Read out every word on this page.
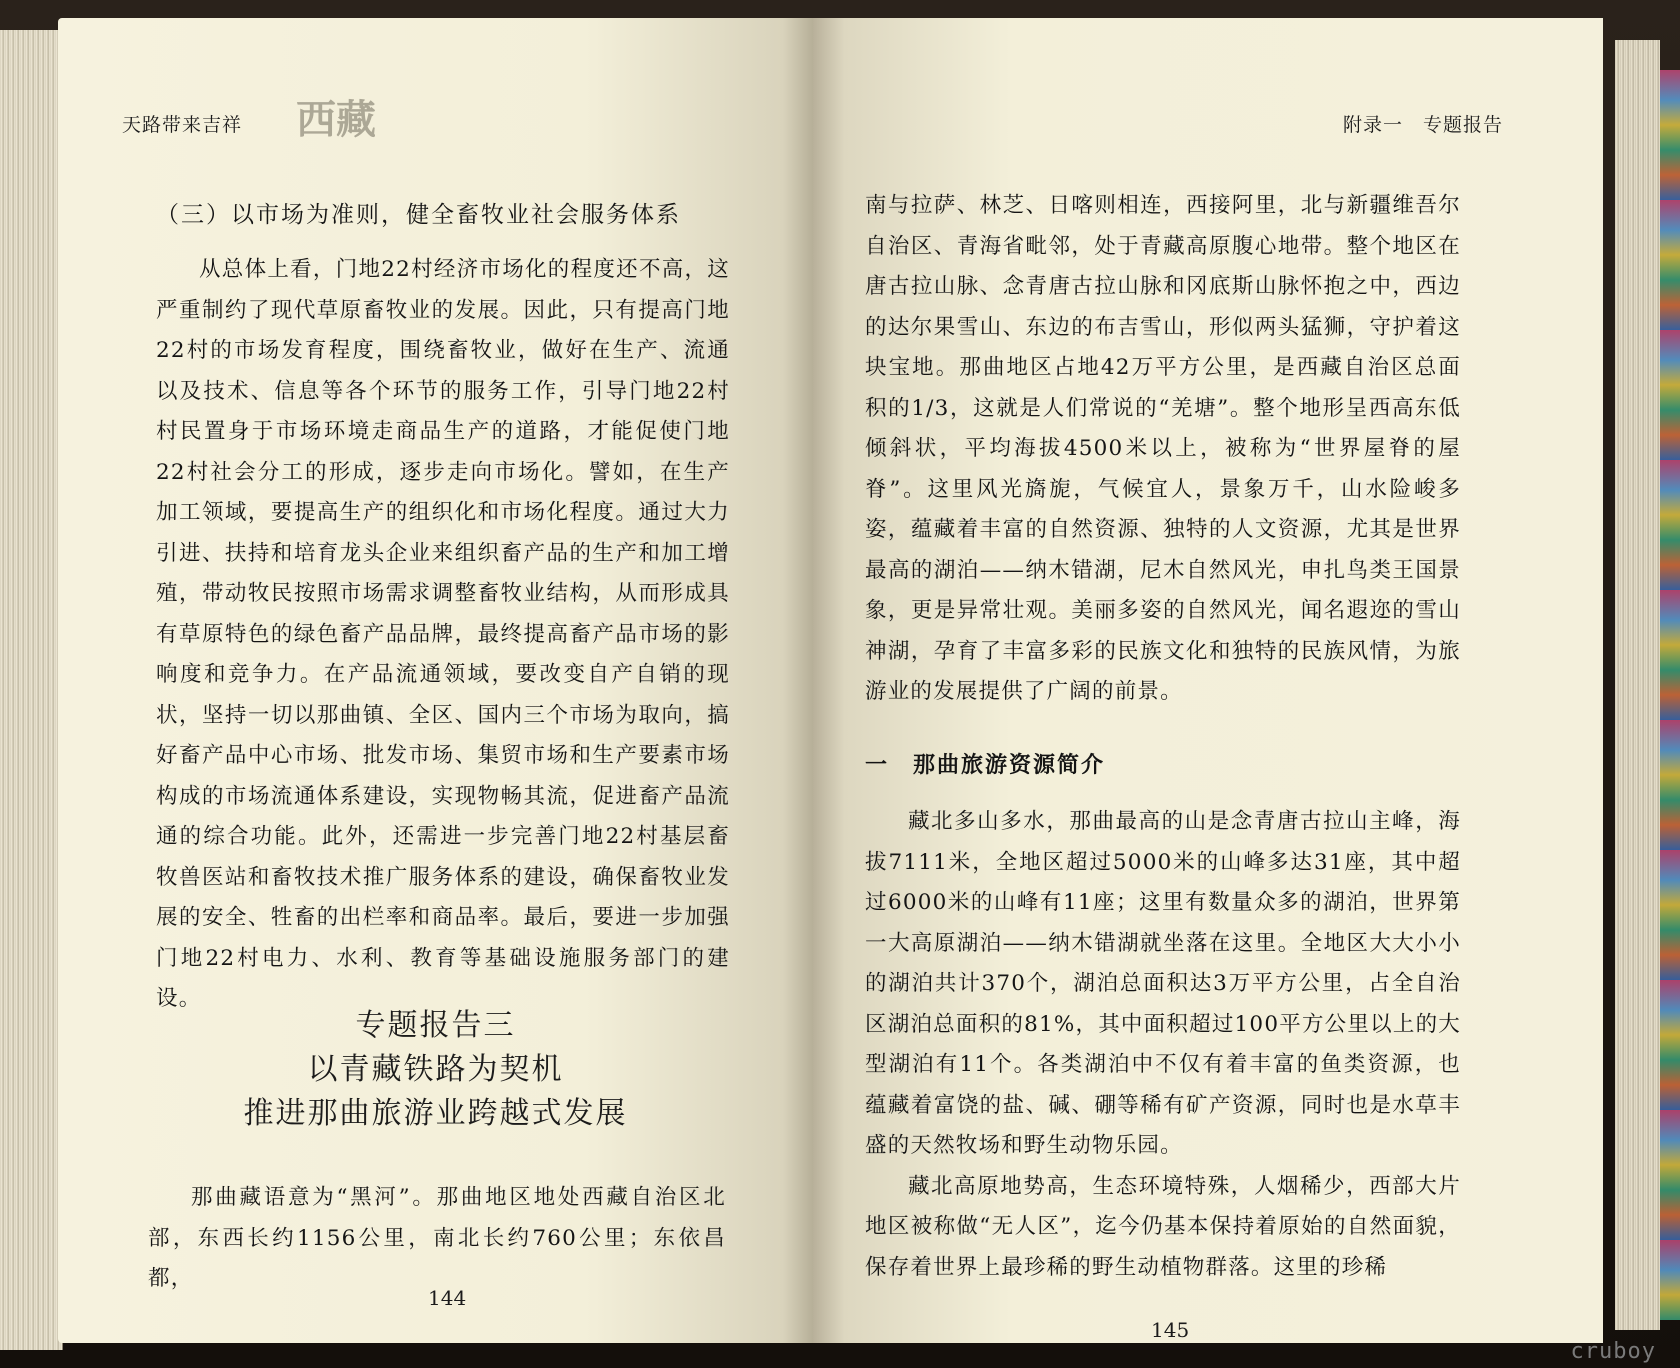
天路带来吉祥 西藏
（三）以市场为准则，健全畜牧业社会服务体系

从总体上看，门地22村经济市场化的程度还不高，这严重制约了现代草原畜牧业的发展。因此，只有提高门地22村的市场发育程度，围绕畜牧业，做好在生产、流通以及技术、信息等各个环节的服务工作，引导门地22村村民置身于市场环境走商品生产的道路，才能促使门地22村社会分工的形成，逐步走向市场化。譬如，在生产加工领域，要提高生产的组织化和市场化程度。通过大力引进、扶持和培育龙头企业来组织畜产品的生产和加工增殖，带动牧民按照市场需求调整畜牧业结构，从而形成具有草原特色的绿色畜产品品牌，最终提高畜产品市场的影响度和竞争力。在产品流通领域，要改变自产自销的现状，坚持一切以那曲镇、全区、国内三个市场为取向，搞好畜产品中心市场、批发市场、集贸市场和生产要素市场构成的市场流通体系建设，实现物畅其流，促进畜产品流通的综合功能。此外，还需进一步完善门地22村基层畜牧兽医站和畜牧技术推广服务体系的建设，确保畜牧业发展的安全、牲畜的出栏率和商品率。最后，要进一步加强门地22村电力、水利、教育等基础设施服务部门的建设。

专题报告三
以青藏铁路为契机
推进那曲旅游业跨越式发展

那曲藏语意为“黑河”。那曲地区地处西藏自治区北部，东西长约1156公里，南北长约760公里；东依昌都，

144
附录一　专题报告

南与拉萨、林芝、日喀则相连，西接阿里，北与新疆维吾尔自治区、青海省毗邻，处于青藏高原腹心地带。整个地区在唐古拉山脉、念青唐古拉山脉和冈底斯山脉怀抱之中，西边的达尔果雪山、东边的布吉雪山，形似两头猛狮，守护着这块宝地。那曲地区占地42万平方公里，是西藏自治区总面积的1/3，这就是人们常说的“羌塘”。整个地形呈西高东低倾斜状，平均海拔4500米以上，被称为“世界屋脊的屋脊”。这里风光旖旎，气候宜人，景象万千，山水险峻多姿，蕴藏着丰富的自然资源、独特的人文资源，尤其是世界最高的湖泊——纳木错湖，尼木自然风光，申扎鸟类王国景象，更是异常壮观。美丽多姿的自然风光，闻名遐迩的雪山神湖，孕育了丰富多彩的民族文化和独特的民族风情，为旅游业的发展提供了广阔的前景。

一　那曲旅游资源简介

藏北多山多水，那曲最高的山是念青唐古拉山主峰，海拔7111米，全地区超过5000米的山峰多达31座，其中超过6000米的山峰有11座；这里有数量众多的湖泊，世界第一大高原湖泊——纳木错湖就坐落在这里。全地区大大小小的湖泊共计370个，湖泊总面积达3万平方公里，占全自治区湖泊总面积的81%，其中面积超过100平方公里以上的大型湖泊有11个。各类湖泊中不仅有着丰富的鱼类资源，也蕴藏着富饶的盐、碱、硼等稀有矿产资源，同时也是水草丰盛的天然牧场和野生动物乐园。

藏北高原地势高，生态环境特殊，人烟稀少，西部大片地区被称做“无人区”，迄今仍基本保持着原始的自然面貌，保存着世界上最珍稀的野生动植物群落。这里的珍稀

145
cruboy
